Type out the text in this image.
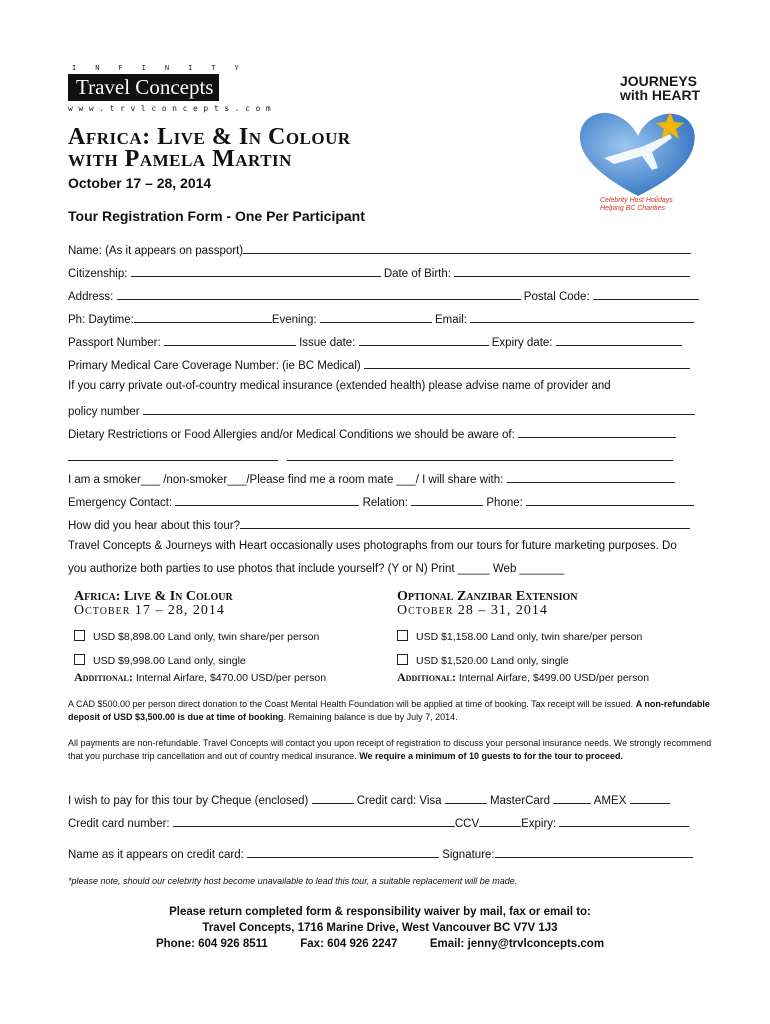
INFINITY
Travel Concepts
www.trvlconcepts.com
JOURNEYS
with HEART
Celebrity Host Holidays
Helping BC Charities
Africa: Live & In Colour
with Pamela Martin
October 17 – 28, 2014
Tour Registration Form - One Per Participant
Name: (As it appears on passport)
Citizenship:	Date of Birth:
Address:	Postal Code:
Ph: Daytime:	Evening:	Email:
Passport Number:	Issue date:	Expiry date:
Primary Medical Care Coverage Number: (ie BC Medical)
If you carry private out-of-country medical insurance (extended health) please advise name of provider and
policy number
Dietary Restrictions or Food Allergies and/or Medical Conditions we should be aware of:

I am a smoker___ /non-smoker___/Please find me a room mate ___/ I will share with:
Emergency Contact:	Relation:	Phone:
How did you hear about this tour?
Travel Concepts & Journeys with Heart occasionally uses photographs from our tours for future marketing purposes. Do
you authorize both parties to use photos that include yourself? (Y or N) Print _____ Web _______
Africa: Live & In Colour
October 17 – 28, 2014
USD $8,898.00 Land only, twin share/per person
USD $9,998.00 Land only, single
Additional: Internal Airfare, $470.00 USD/per person
Optional Zanzibar Extension
October 28 – 31, 2014
USD $1,158.00 Land only, twin share/per person
USD $1,520.00 Land only, single
Additional: Internal Airfare, $499.00 USD/per person
A CAD $500.00 per person direct donation to the Coast Mental Health Foundation will be applied at time of booking. Tax receipt will be issued. A non-refundable deposit of USD $3,500.00 is due at time of booking. Remaining balance is due by July 7, 2014.
All payments are non-refundable. Travel Concepts will contact you upon receipt of registration to discuss your personal insurance needs. We strongly recommend that you purchase trip cancellation and out of country medical insurance. We require a minimum of 10 guests to for the tour to proceed.
I wish to pay for this tour by Cheque (enclosed)	Credit card: Visa	MasterCard	AMEX
Credit card number:	CCV	Expiry:
Name as it appears on credit card:	Signature:
*please note, should our celebrity host become unavailable to lead this tour, a suitable replacement will be made.
Please return completed form & responsibility waiver by mail, fax or email to:
Travel Concepts, 1716 Marine Drive, West Vancouver BC V7V 1J3
Phone: 604 926 8511	Fax: 604 926 2247	Email: jenny@trvlconcepts.com
